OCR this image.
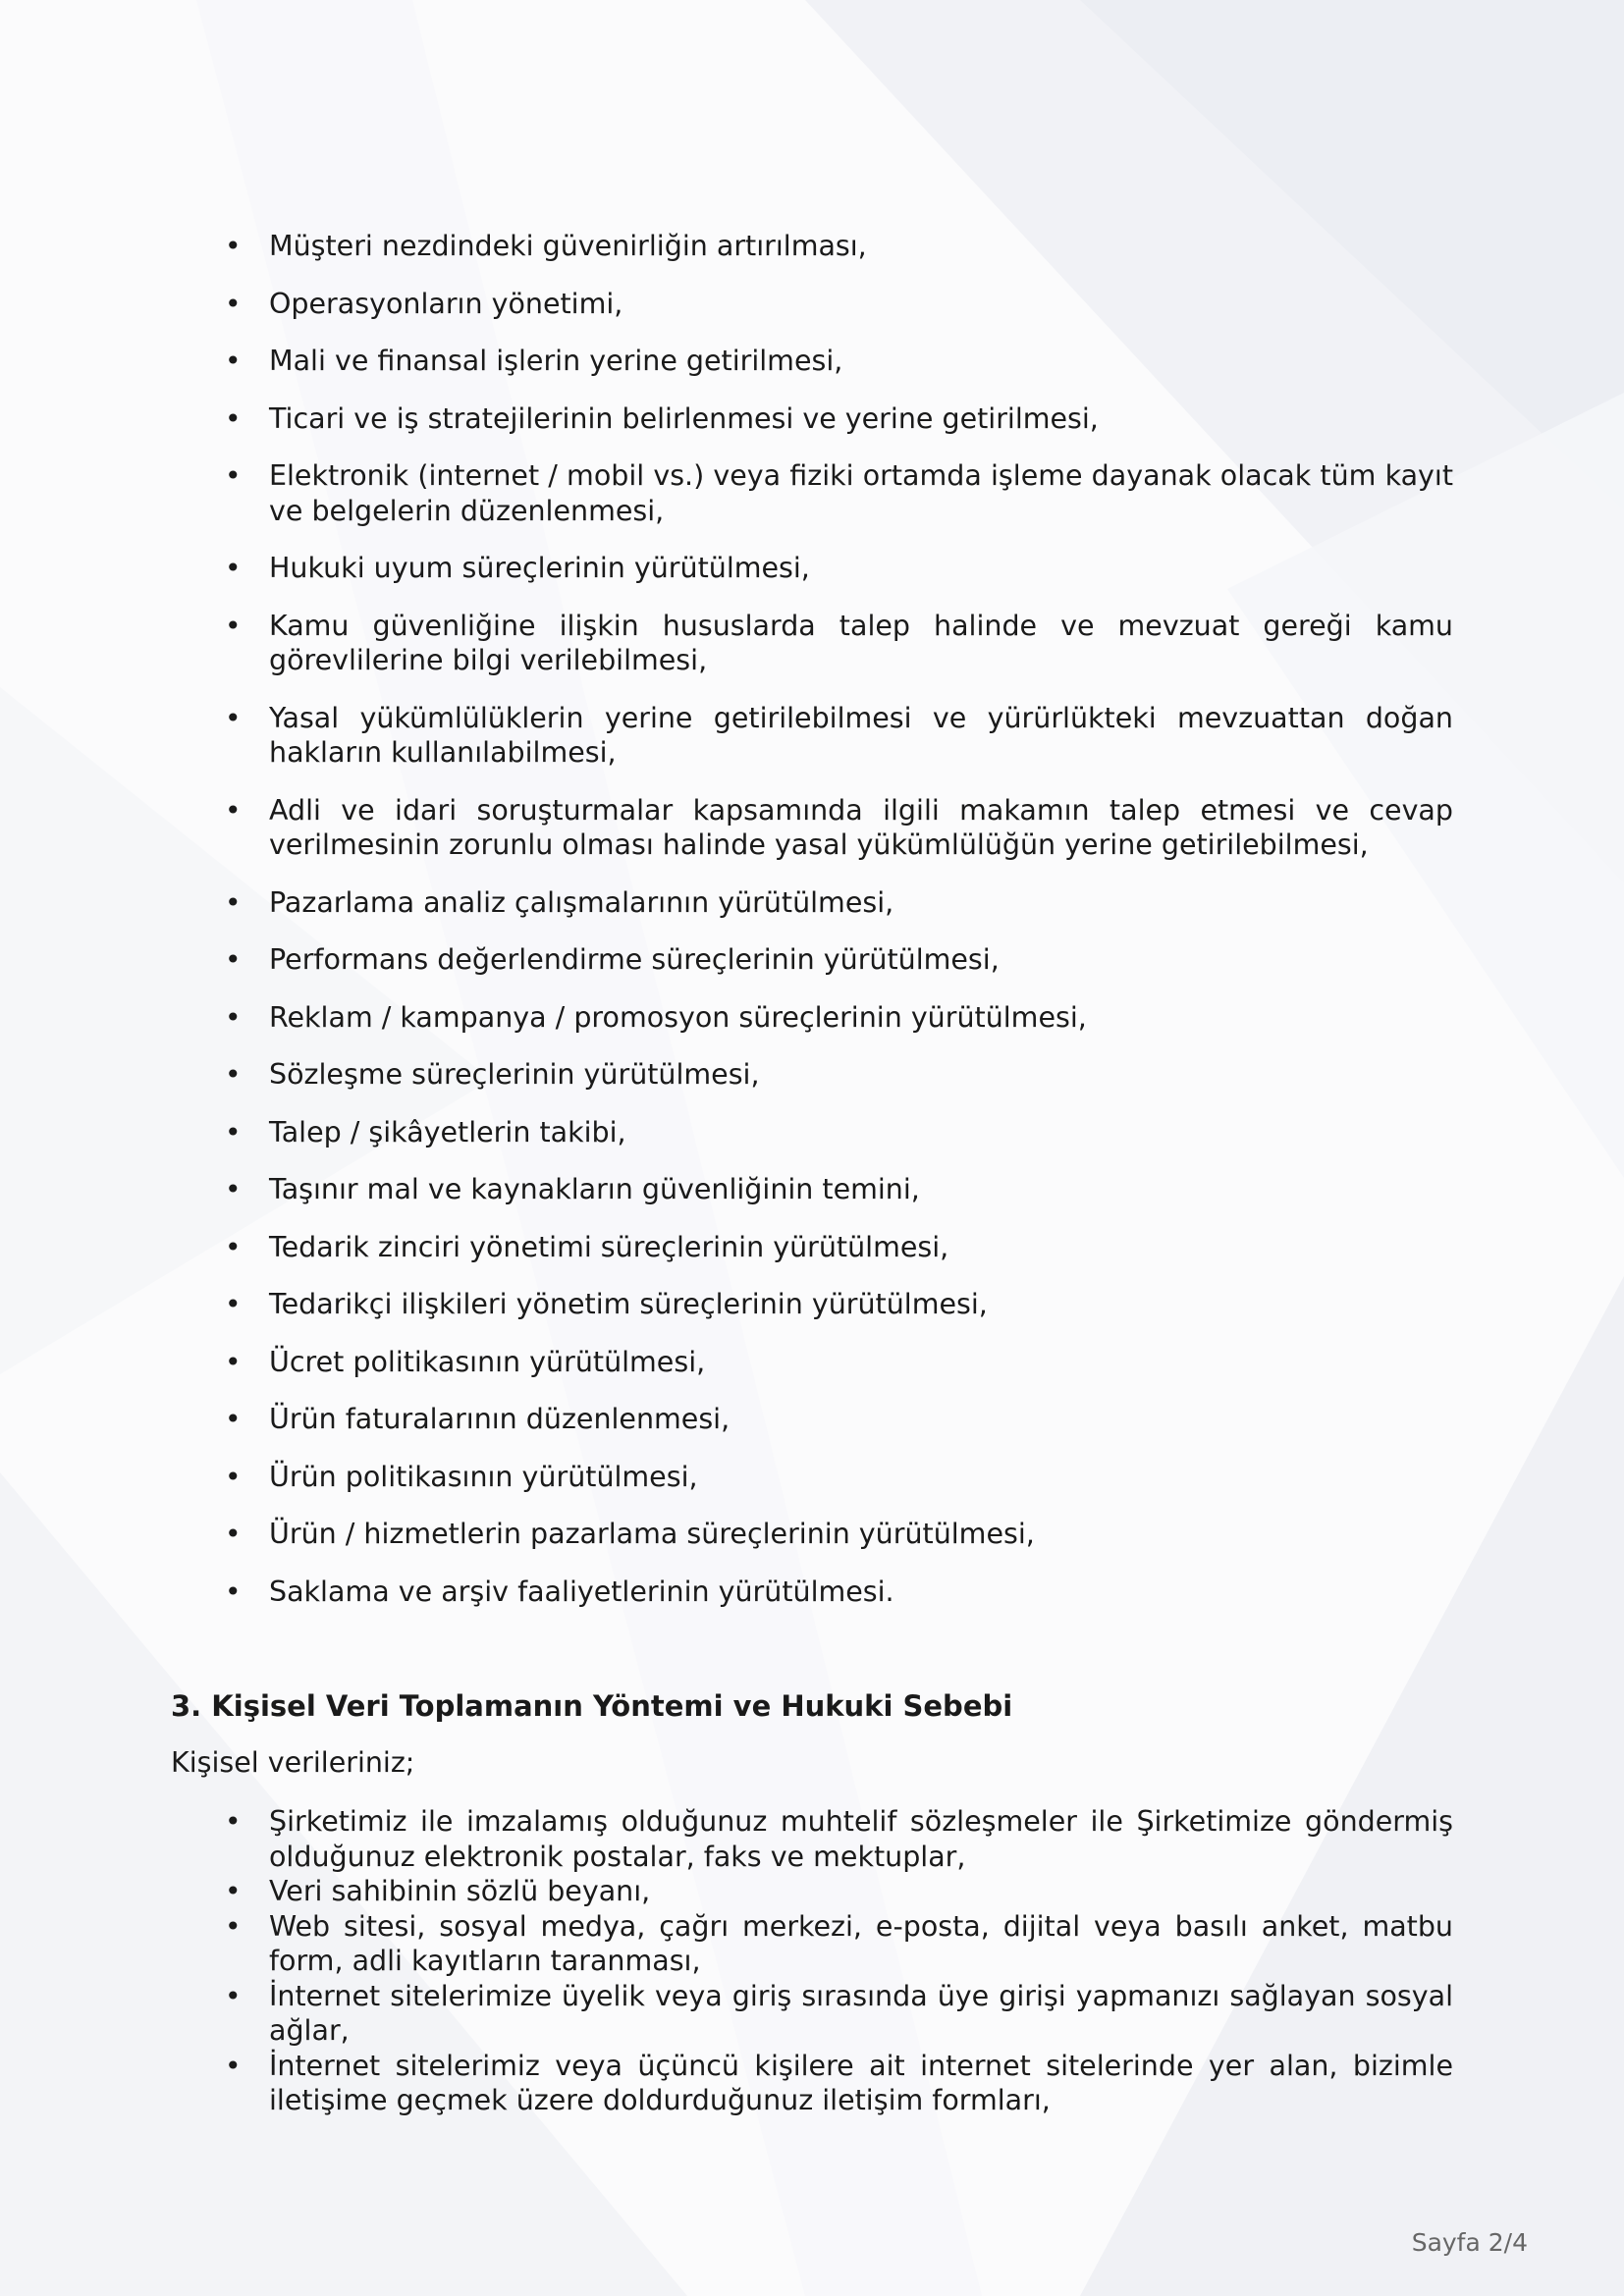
• Müşteri nezdindeki güvenirliğin artırılması,
• Operasyonların yönetimi,
• Mali ve finansal işlerin yerine getirilmesi,
• Ticari ve iş stratejilerinin belirlenmesi ve yerine getirilmesi,
• Elektronik (internet / mobil vs.) veya fiziki ortamda işleme dayanak olacak tüm kayıt ve belgelerin düzenlenmesi,
• Hukuki uyum süreçlerinin yürütülmesi,
• Kamu güvenliğine ilişkin hususlarda talep halinde ve mevzuat gereği kamu görevlilerine bilgi verilebilmesi,
• Yasal yükümlülüklerin yerine getirilebilmesi ve yürürlükteki mevzuattan doğan hakların kullanılabilmesi,
• Adli ve idari soruşturmalar kapsamında ilgili makamın talep etmesi ve cevap verilmesinin zorunlu olması halinde yasal yükümlülüğün yerine getirilebilmesi,
• Pazarlama analiz çalışmalarının yürütülmesi,
• Performans değerlendirme süreçlerinin yürütülmesi,
• Reklam / kampanya / promosyon süreçlerinin yürütülmesi,
• Sözleşme süreçlerinin yürütülmesi,
• Talep / şikâyetlerin takibi,
• Taşınır mal ve kaynakların güvenliğinin temini,
• Tedarik zinciri yönetimi süreçlerinin yürütülmesi,
• Tedarikçi ilişkileri yönetim süreçlerinin yürütülmesi,
• Ücret politikasının yürütülmesi,
• Ürün faturalarının düzenlenmesi,
• Ürün politikasının yürütülmesi,
• Ürün / hizmetlerin pazarlama süreçlerinin yürütülmesi,
• Saklama ve arşiv faaliyetlerinin yürütülmesi.
3. Kişisel Veri Toplamanın Yöntemi ve Hukuki Sebebi
Kişisel verileriniz;
• Şirketimiz ile imzalamış olduğunuz muhtelif sözleşmeler ile Şirketimize göndermiş olduğunuz elektronik postalar, faks ve mektuplar,
• Veri sahibinin sözlü beyanı,
• Web sitesi, sosyal medya, çağrı merkezi, e-posta, dijital veya basılı anket, matbu form, adli kayıtların taranması,
• İnternet sitelerimize üyelik veya giriş sırasında üye girişi yapmanızı sağlayan sosyal ağlar,
• İnternet sitelerimiz veya üçüncü kişilere ait internet sitelerinde yer alan, bizimle iletişime geçmek üzere doldurduğunuz iletişim formları,
Sayfa 2/4
